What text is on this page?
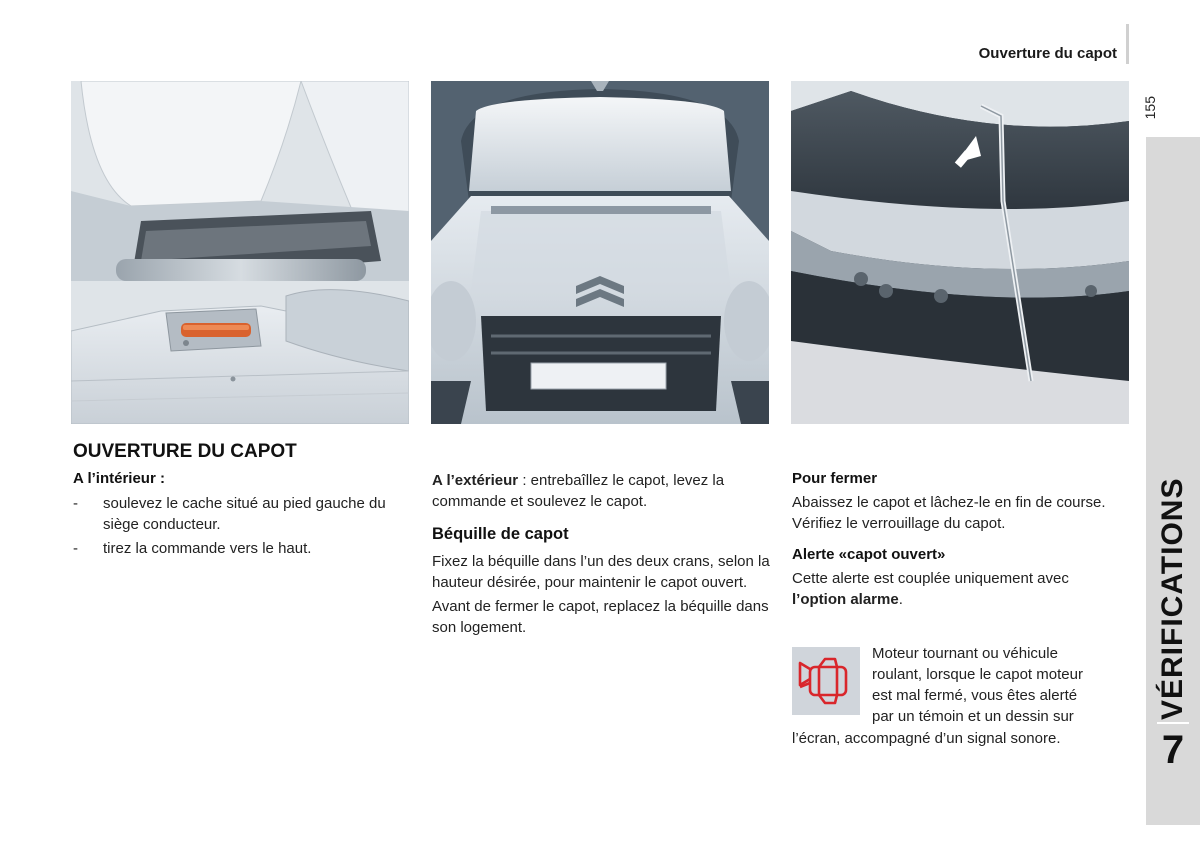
Ouverture du capot
155
VÉRIFICATIONS
7
OUVERTURE DU CAPOT
A l’intérieur :
-	soulevez le cache situé au pied gauche du siège conducteur.
-	tirez la commande vers le haut.
A l’extérieur : entrebaîllez le capot, levez la commande et soulevez le capot.
Béquille de capot
Fixez la béquille dans l’un des deux crans, selon la hauteur désirée, pour maintenir le capot ouvert.
Avant de fermer le capot, replacez la béquille dans son logement.
Pour fermer
Abaissez le capot et lâchez-le en fin de course. Vérifiez le verrouillage du capot.
Alerte «capot ouvert»
Cette alerte est couplée uniquement avec l’option alarme.
Moteur tournant ou véhicule
roulant, lorsque le capot moteur
est mal fermé, vous êtes alerté
par un témoin et un dessin sur
l’écran, accompagné d’un signal sonore.
